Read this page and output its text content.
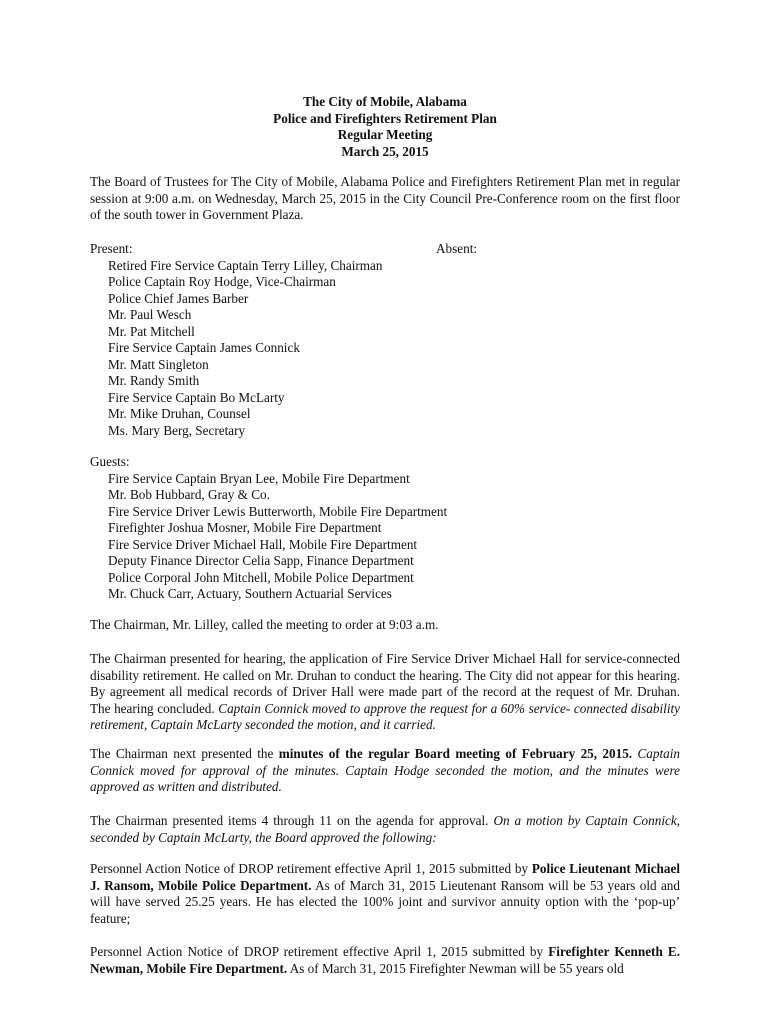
The City of Mobile, Alabama
Police and Firefighters Retirement Plan
Regular Meeting
March 25, 2015
The Board of Trustees for The City of Mobile, Alabama Police and Firefighters Retirement Plan met in regular session at 9:00 a.m. on Wednesday, March 25, 2015 in the City Council Pre-Conference room on the first floor of the south tower in Government Plaza.
Present:
Retired Fire Service Captain Terry Lilley, Chairman
Police Captain Roy Hodge, Vice-Chairman
Police Chief James Barber
Mr. Paul Wesch
Mr. Pat Mitchell
Fire Service Captain James Connick
Mr. Matt Singleton
Mr. Randy Smith
Fire Service Captain Bo McLarty
Mr. Mike Druhan, Counsel
Ms. Mary Berg, Secretary
Absent:
Guests:
Fire Service Captain Bryan Lee, Mobile Fire Department
Mr. Bob Hubbard, Gray & Co.
Fire Service Driver Lewis Butterworth, Mobile Fire Department
Firefighter Joshua Mosner, Mobile Fire Department
Fire Service Driver Michael Hall, Mobile Fire Department
Deputy Finance Director Celia Sapp, Finance Department
Police Corporal John Mitchell, Mobile Police Department
Mr. Chuck Carr, Actuary, Southern Actuarial Services
The Chairman, Mr. Lilley, called the meeting to order at 9:03 a.m.
The Chairman presented for hearing, the application of Fire Service Driver Michael Hall for service-connected disability retirement. He called on Mr. Druhan to conduct the hearing. The City did not appear for this hearing. By agreement all medical records of Driver Hall were made part of the record at the request of Mr. Druhan. The hearing concluded. Captain Connick moved to approve the request for a 60% service- connected disability retirement, Captain McLarty seconded the motion, and it carried.
The Chairman next presented the minutes of the regular Board meeting of February 25, 2015. Captain Connick moved for approval of the minutes. Captain Hodge seconded the motion, and the minutes were approved as written and distributed.
The Chairman presented items 4 through 11 on the agenda for approval. On a motion by Captain Connick, seconded by Captain McLarty, the Board approved the following:
Personnel Action Notice of DROP retirement effective April 1, 2015 submitted by Police Lieutenant Michael J. Ransom, Mobile Police Department. As of March 31, 2015 Lieutenant Ransom will be 53 years old and will have served 25.25 years. He has elected the 100% joint and survivor annuity option with the ‘pop-up’ feature;
Personnel Action Notice of DROP retirement effective April 1, 2015 submitted by Firefighter Kenneth E. Newman, Mobile Fire Department. As of March 31, 2015 Firefighter Newman will be 55 years old
